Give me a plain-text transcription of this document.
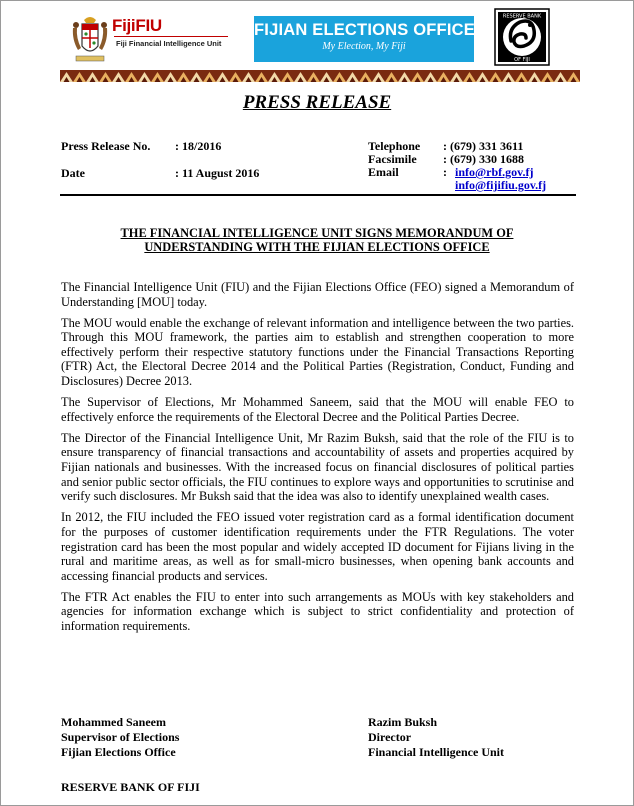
FijiFIU
Fiji Financial Intelligence Unit
FIJIAN ELECTIONS OFFICE
My Election, My Fiji
RESERVE BANK
OF FIJI
PRESS RELEASE
Press Release No. : 18/2016
Date	: 11 August 2016
Telephone : (679) 331 3611
Facsimile : (679) 330 1688
Email	: info@rbf.gov.fj
info@fijifiu.gov.fj
THE FINANCIAL INTELLIGENCE UNIT SIGNS MEMORANDUM OF
UNDERSTANDING WITH THE FIJIAN ELECTIONS OFFICE

The Financial Intelligence Unit (FIU) and the Fijian Elections Office (FEO) signed a Memorandum of Understanding [MOU] today.

The MOU would enable the exchange of relevant information and intelligence between the two parties. Through this MOU framework, the parties aim to establish and strengthen cooperation to more effectively perform their respective statutory functions under the Financial Transactions Reporting (FTR) Act, the Electoral Decree 2014 and the Political Parties (Registration, Conduct, Funding and Disclosures) Decree 2013.

The Supervisor of Elections, Mr Mohammed Saneem, said that the MOU will enable FEO to effectively enforce the requirements of the Electoral Decree and the Political Parties Decree.

The Director of the Financial Intelligence Unit, Mr Razim Buksh, said that the role of the FIU is to ensure transparency of financial transactions and accountability of assets and properties acquired by Fijian nationals and businesses. With the increased focus on financial disclosures of political parties and senior public sector officials, the FIU continues to explore ways and opportunities to scrutinise and verify such disclosures. Mr Buksh said that the idea was also to identify unexplained wealth cases.

In 2012, the FIU included the FEO issued voter registration card as a formal identification document for the purposes of customer identification requirements under the FTR Regulations. The voter registration card has been the most popular and widely accepted ID document for Fijians living in the rural and maritime areas, as well as for small-micro businesses, when opening bank accounts and accessing financial products and services.

The FTR Act enables the FIU to enter into such arrangements as MOUs with key stakeholders and agencies for information exchange which is subject to strict confidentiality and protection of information requirements.

Mohammed Saneem
Supervisor of Elections
Fijian Elections Office
Razim Buksh
Director
Financial Intelligence Unit
RESERVE BANK OF FIJI
